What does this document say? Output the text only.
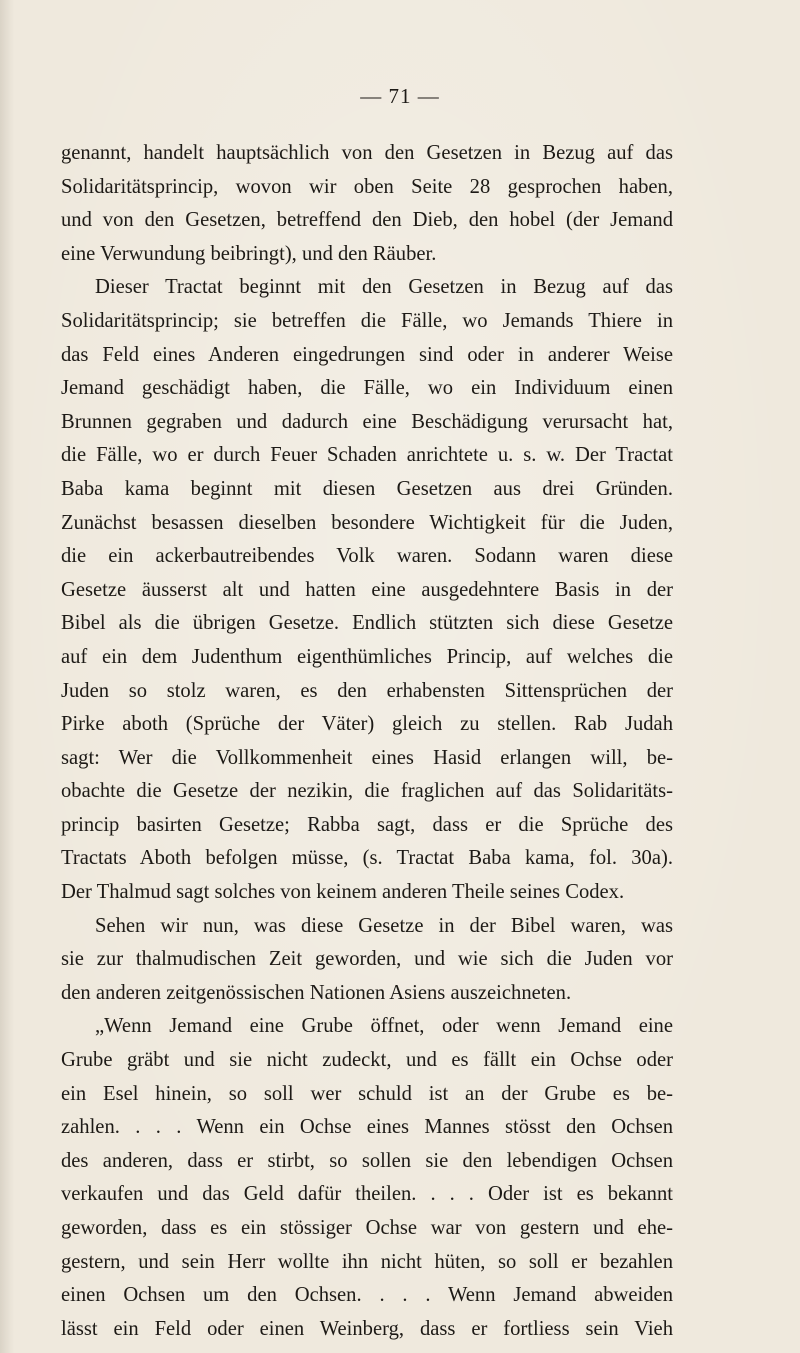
— 71 —
genannt, handelt hauptsächlich von den Gesetzen in Bezug auf das
Solidaritätsprincip, wovon wir oben Seite 28 gesprochen haben,
und von den Gesetzen, betreffend den Dieb, den hobel (der Jemand
eine Verwundung beibringt), und den Räuber.
Dieser Tractat beginnt mit den Gesetzen in Bezug auf das
Solidaritätsprincip; sie betreffen die Fälle, wo Jemands Thiere in
das Feld eines Anderen eingedrungen sind oder in anderer Weise
Jemand geschädigt haben, die Fälle, wo ein Individuum einen
Brunnen gegraben und dadurch eine Beschädigung verursacht hat,
die Fälle, wo er durch Feuer Schaden anrichtete u. s. w. Der Tractat
Baba kama beginnt mit diesen Gesetzen aus drei Gründen.
Zunächst besassen dieselben besondere Wichtigkeit für die Juden,
die ein ackerbautreibendes Volk waren. Sodann waren diese
Gesetze äusserst alt und hatten eine ausgedehntere Basis in der
Bibel als die übrigen Gesetze. Endlich stützten sich diese Gesetze
auf ein dem Judenthum eigenthümliches Princip, auf welches die
Juden so stolz waren, es den erhabensten Sittensprüchen der
Pirke aboth (Sprüche der Väter) gleich zu stellen. Rab Judah
sagt: Wer die Vollkommenheit eines Hasid erlangen will, be-
obachte die Gesetze der nezikin, die fraglichen auf das Solidaritäts-
princip basirten Gesetze; Rabba sagt, dass er die Sprüche des
Tractats Aboth befolgen müsse, (s. Tractat Baba kama, fol. 30a).
Der Thalmud sagt solches von keinem anderen Theile seines Codex.
Sehen wir nun, was diese Gesetze in der Bibel waren, was
sie zur thalmudischen Zeit geworden, und wie sich die Juden vor
den anderen zeitgenössischen Nationen Asiens auszeichneten.
„Wenn Jemand eine Grube öffnet, oder wenn Jemand eine
Grube gräbt und sie nicht zudeckt, und es fällt ein Ochse oder
ein Esel hinein, so soll wer schuld ist an der Grube es be-
zahlen. . . . Wenn ein Ochse eines Mannes stösst den Ochsen
des anderen, dass er stirbt, so sollen sie den lebendigen Ochsen
verkaufen und das Geld dafür theilen. . . . Oder ist es bekannt
geworden, dass es ein stössiger Ochse war von gestern und ehe-
gestern, und sein Herr wollte ihn nicht hüten, so soll er bezahlen
einen Ochsen um den Ochsen. . . . Wenn Jemand abweiden
lässt ein Feld oder einen Weinberg, dass er fortliess sein Vieh
